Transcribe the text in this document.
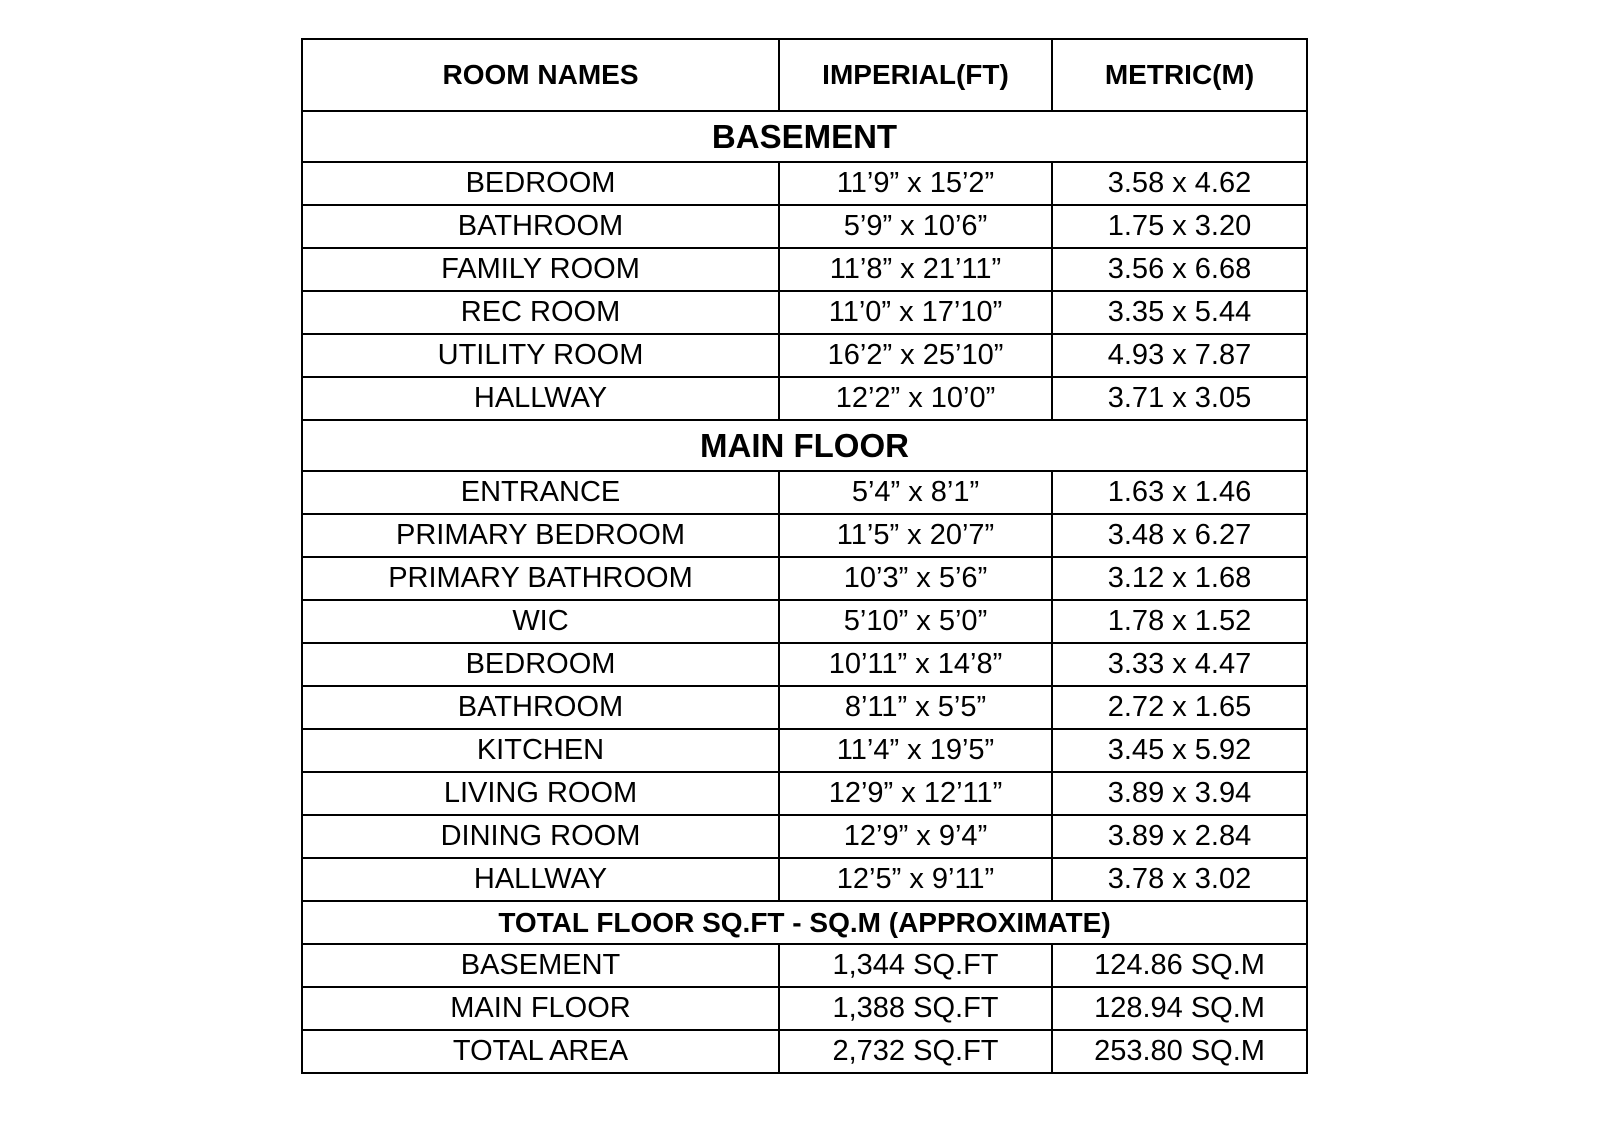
ROOM NAMES	IMPERIAL(FT)	METRIC(M)
BASEMENT		
BEDROOM	11’9” x 15’2”	3.58 x 4.62
BATHROOM	5’9” x 10’6”	1.75 x 3.20
FAMILY ROOM	11’8” x 21’11”	3.56 x 6.68
REC ROOM	11’0” x 17’10”	3.35 x 5.44
UTILITY ROOM	16’2” x 25’10”	4.93 x 7.87
HALLWAY	12’2” x 10’0”	3.71 x 3.05
MAIN FLOOR		
ENTRANCE	5’4” x 8’1”	1.63 x 1.46
PRIMARY BEDROOM	11’5” x 20’7”	3.48 x 6.27
PRIMARY BATHROOM	10’3” x 5’6”	3.12 x 1.68
WIC	5’10” x 5’0”	1.78 x 1.52
BEDROOM	10’11” x 14’8”	3.33 x 4.47
BATHROOM	8’11” x 5’5”	2.72 x 1.65
KITCHEN	11’4” x 19’5”	3.45 x 5.92
LIVING ROOM	12’9” x 12’11”	3.89 x 3.94
DINING ROOM	12’9” x 9’4”	3.89 x 2.84
HALLWAY	12’5” x 9’11”	3.78 x 3.02
TOTAL FLOOR SQ.FT - SQ.M (APPROXIMATE)		
BASEMENT	1,344 SQ.FT	124.86 SQ.M
MAIN FLOOR	1,388 SQ.FT	128.94 SQ.M
TOTAL AREA	2,732 SQ.FT	253.80 SQ.M
